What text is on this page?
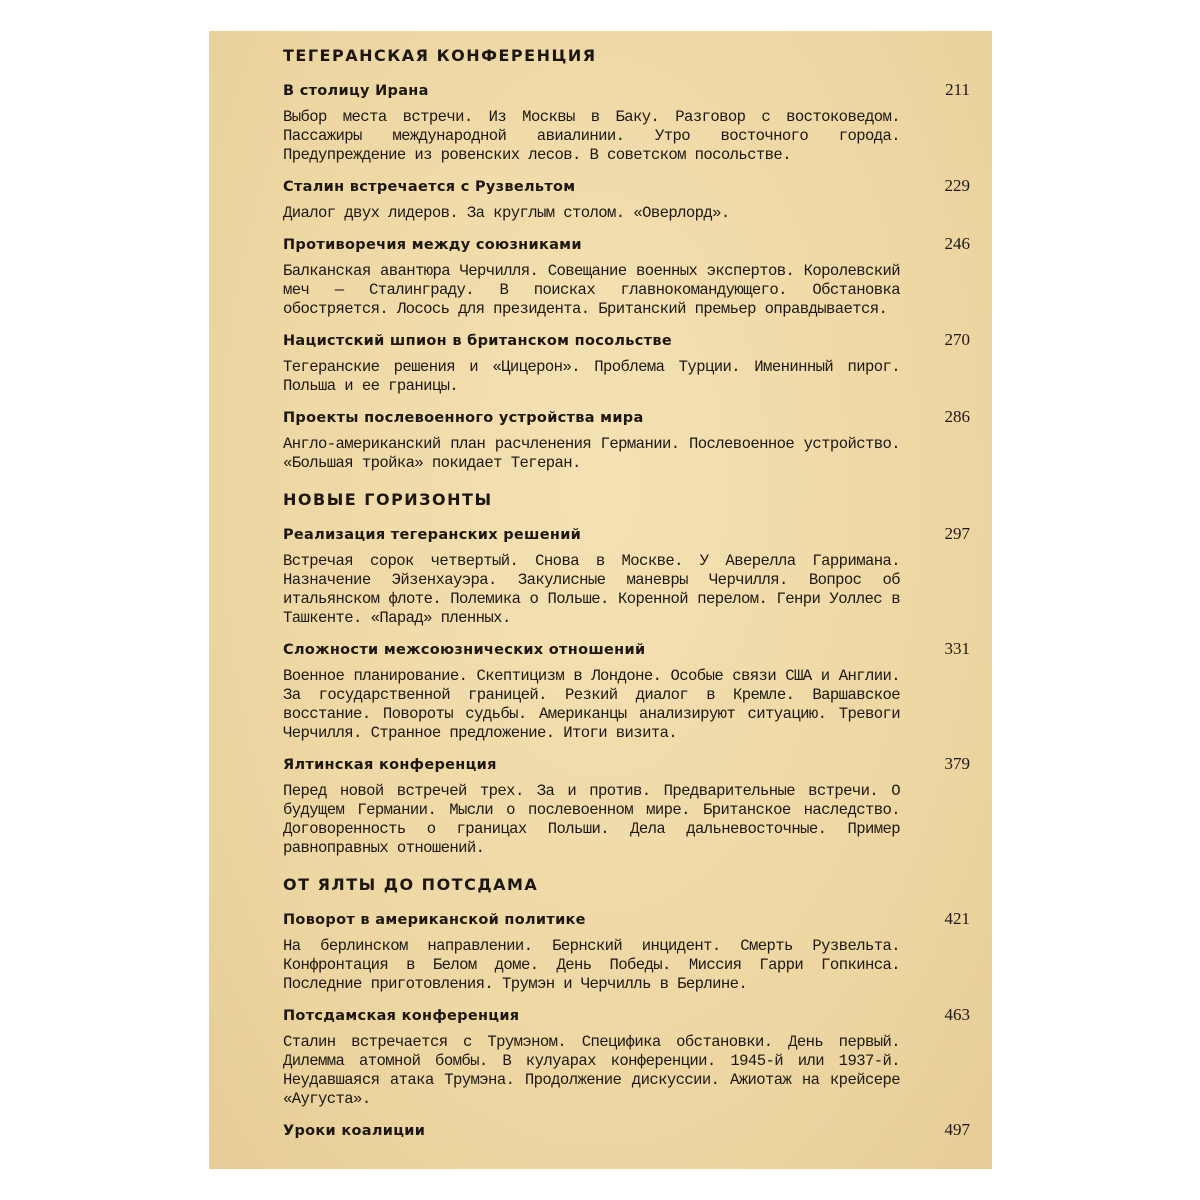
ТЕГЕРАНСКАЯ КОНФЕРЕНЦИЯ
В столицу Ирана	211

Выбор места встречи. Из Москвы в Баку. Разговор с востоковедом. Пассажиры международной авиалинии. Утро восточного города. Предупреждение из ровенских лесов. В советском посольстве.

Сталин встречается с Рузвельтом	229

Диалог двух лидеров. За круглым столом. «Оверлорд».

Противоречия между союзниками	246

Балканская авантюра Черчилля. Совещание военных экспертов. Королевский меч — Сталинграду. В поисках главнокомандующего. Обстановка обостряется. Лосось для президента. Британский премьер оправдывается.

Нацистский шпион в британском посольстве	270

Тегеранские решения и «Цицерон». Проблема Турции. Именинный пирог. Польша и ее границы.

Проекты послевоенного устройства мира	286

Англо-американский план расчленения Германии. Послевоенное устройство. «Большая тройка» покидает Тегеран.

НОВЫЕ ГОРИЗОНТЫ
Реализация тегеранских решений	297

Встречая сорок четвертый. Снова в Москве. У Аверелла Гарримана. Назначение Эйзенхауэра. Закулисные маневры Черчилля. Вопрос об итальянском флоте. Полемика о Польше. Коренной перелом. Генри Уоллес в Ташкенте. «Парад» пленных.

Сложности межсоюзнических отношений	331

Военное планирование. Скептицизм в Лондоне. Особые связи США и Англии. За государственной границей. Резкий диалог в Кремле. Варшавское восстание. Повороты судьбы. Американцы анализируют ситуацию. Тревоги Черчилля. Странное предложение. Итоги визита.

Ялтинская конференция	379

Перед новой встречей трех. За и против. Предварительные встречи. О будущем Германии. Мысли о послевоенном мире. Британское наследство. Договоренность о границах Польши. Дела дальневосточные. Пример равноправных отношений.

ОТ ЯЛТЫ ДО ПОТСДАМА
Поворот в американской политике	421

На берлинском направлении. Бернский инцидент. Смерть Рузвельта. Конфронтация в Белом доме. День Победы. Миссия Гарри Гопкинса. Последние приготовления. Трумэн и Черчилль в Берлине.

Потсдамская конференция	463

Сталин встречается с Трумэном. Специфика обстановки. День первый. Дилемма атомной бомбы. В кулуарах конференции. 1945-й или 1937-й. Неудавшаяся атака Трумэна. Продолжение дискуссии. Ажиотаж на крейсере «Аугуста».

Уроки коалиции	497
